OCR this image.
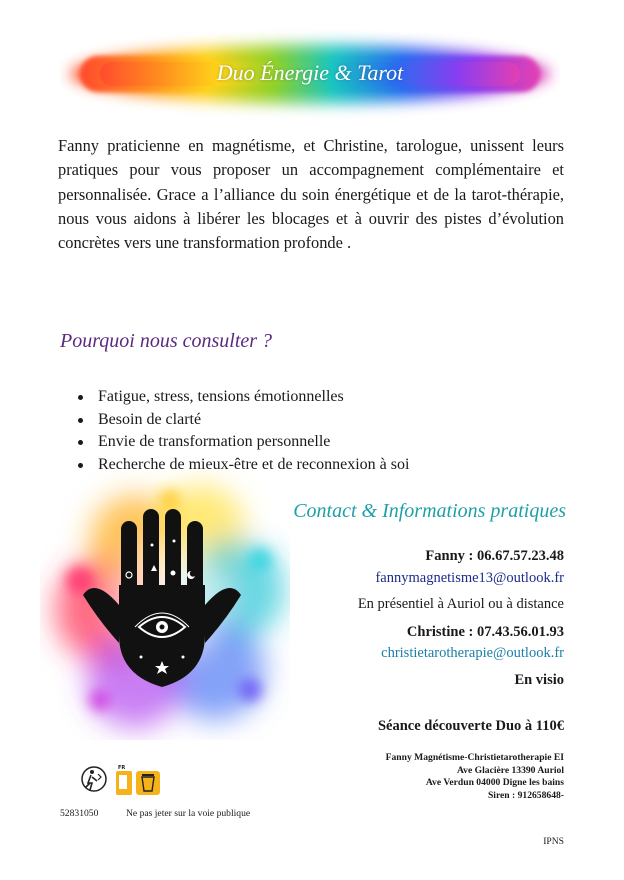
Duo Énergie & Tarot

Fanny praticienne en magnétisme, et Christine, tarologue, unissent leurs pratiques pour vous proposer un accompagnement complémentaire et personnalisée. Grace a l’alliance du soin énergétique et de la tarot-thérapie, nous vous aidons à libérer les blocages et à ouvrir des pistes d’évolution concrètes vers une transformation profonde .

Pourquoi nous consulter ?
Fatigue, stress, tensions émotionnelles
Besoin de clarté
Envie de transformation personnelle
Recherche de mieux-être et de reconnexion à soi
Contact & Informations pratiques
Fanny : 06.67.57.23.48
fannymagnetisme13@outlook.fr
En présentiel à Auriol ou à distance
Christine : 07.43.56.01.93
christietarotherapie@outlook.fr
En visio
Séance découverte Duo à 110€
Fanny Magnétisme-Christietarotherapie EI
Ave Glacière 13390 Auriol
Ave Verdun 04000 Digne les bains
Siren : 912658648-
FR
52831050	Ne pas jeter sur la voie publique
IPNS
